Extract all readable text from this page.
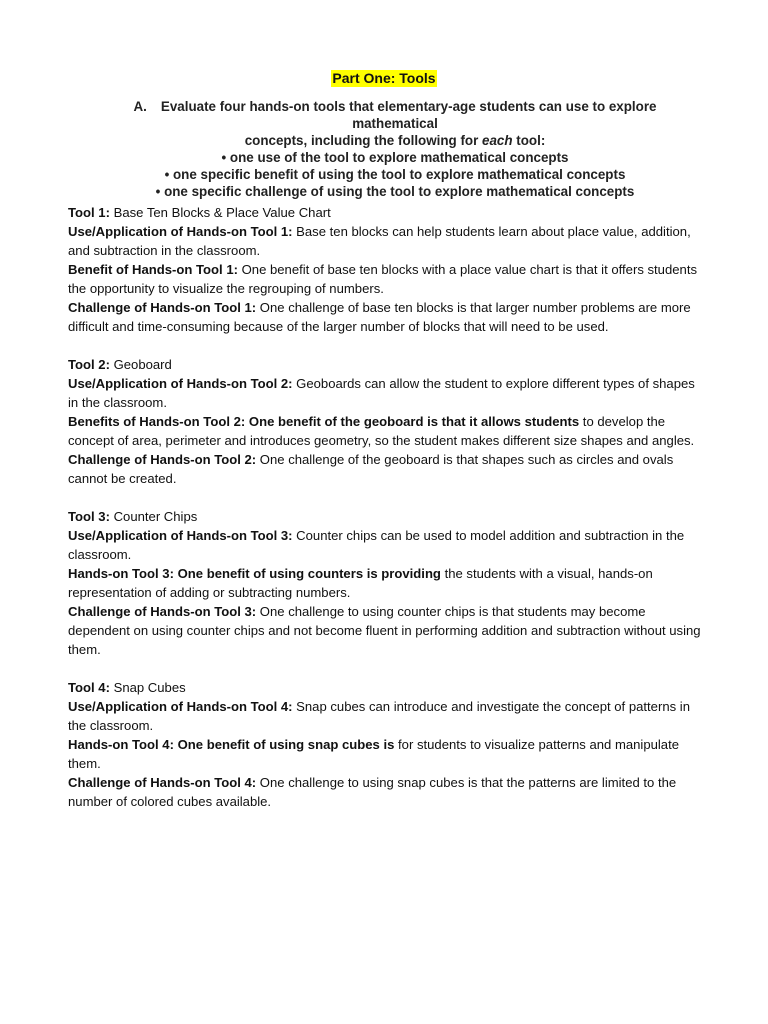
Part One: Tools
A. Evaluate four hands-on tools that elementary-age students can use to explore mathematical
concepts, including the following for each tool:
• one use of the tool to explore mathematical concepts
• one specific benefit of using the tool to explore mathematical concepts
• one specific challenge of using the tool to explore mathematical concepts

Tool 1: Base Ten Blocks & Place Value Chart

Use/Application of Hands-on Tool 1: Base ten blocks can help students learn about place value, addition, and subtraction in the classroom.

Benefit of Hands-on Tool 1: One benefit of base ten blocks with a place value chart is that it offers students the opportunity to visualize the regrouping of numbers.

Challenge of Hands-on Tool 1: One challenge of base ten blocks is that larger number problems are more difficult and time-consuming because of the larger number of blocks that will need to be used.

Tool 2: Geoboard

Use/Application of Hands-on Tool 2: Geoboards can allow the student to explore different types of shapes in the classroom.

Benefits of Hands-on Tool 2: One benefit of the geoboard is that it allows students to develop the concept of area, perimeter and introduces geometry, so the student makes different size shapes and angles.

Challenge of Hands-on Tool 2: One challenge of the geoboard is that shapes such as circles and ovals cannot be created.

Tool 3: Counter Chips

Use/Application of Hands-on Tool 3: Counter chips can be used to model addition and subtraction in the classroom.

Hands-on Tool 3: One benefit of using counters is providing the students with a visual, hands-on representation of adding or subtracting numbers.

Challenge of Hands-on Tool 3: One challenge to using counter chips is that students may become dependent on using counter chips and not become fluent in performing addition and subtraction without using them.

Tool 4: Snap Cubes

Use/Application of Hands-on Tool 4: Snap cubes can introduce and investigate the concept of patterns in the classroom.

Hands-on Tool 4: One benefit of using snap cubes is for students to visualize patterns and manipulate them.

Challenge of Hands-on Tool 4: One challenge to using snap cubes is that the patterns are limited to the number of colored cubes available.
